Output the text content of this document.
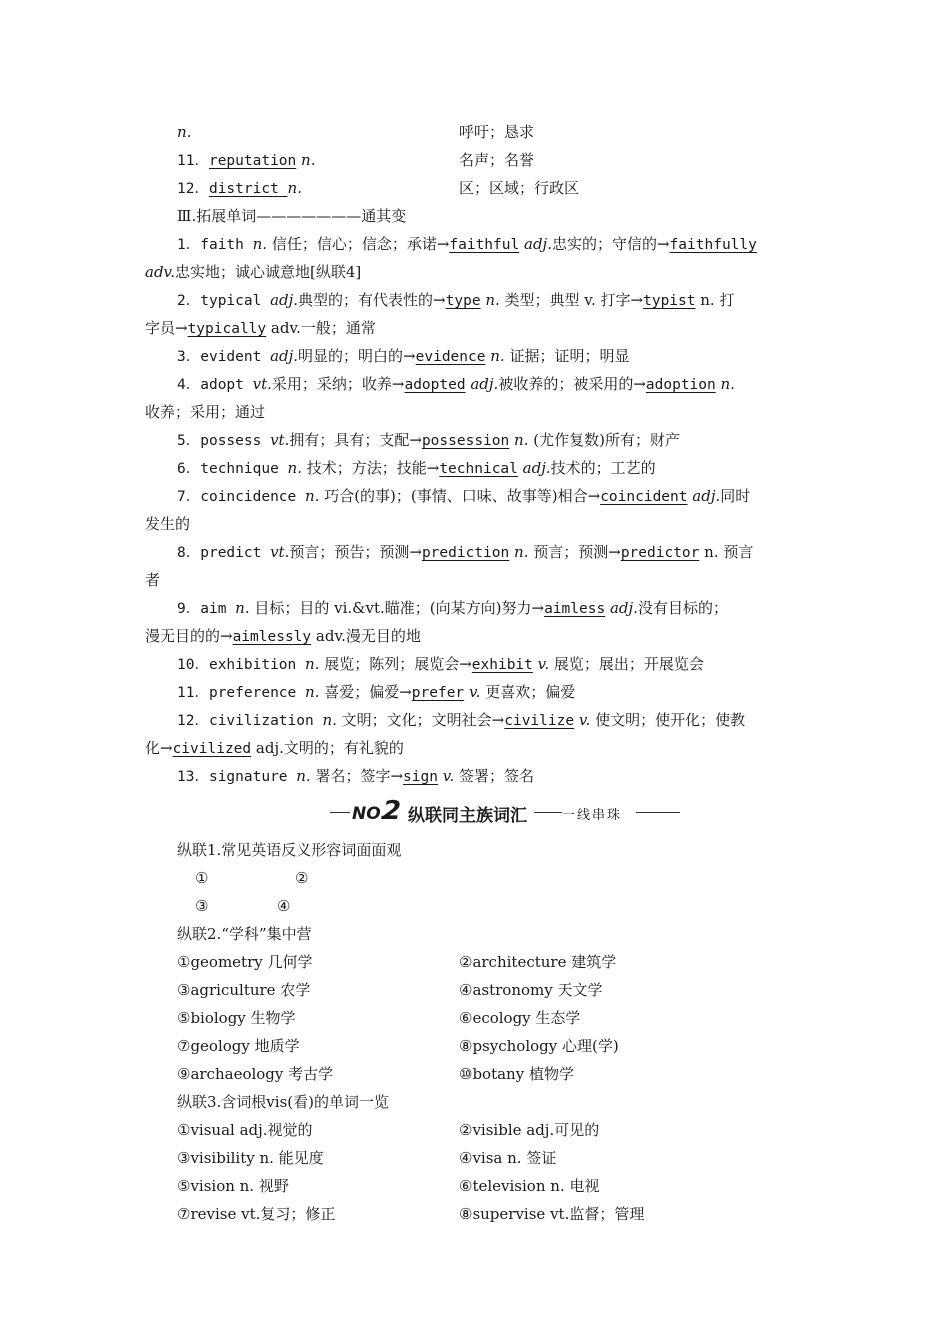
n.	呼吁；恳求
11．reputation n.	名声；名誉
12．district n.	区；区域；行政区
Ⅲ.拓展单词———————通其变
1．faith n. 信任；信心；信念；承诺→faithful adj.忠实的；守信的→faithfully
adv.忠实地；诚心诚意地[纵联4]
2．typical adj.典型的；有代表性的→type n. 类型；典型 v. 打字→typist n. 打
字员→typically adv.一般；通常
3．evident adj.明显的；明白的→evidence n. 证据；证明；明显
4．adopt vt.采用；采纳；收养→adopted adj.被收养的；被采用的→adoption n.
收养；采用；通过
5．possess vt.拥有；具有；支配→possession n. (尤作复数)所有；财产
6．technique n. 技术；方法；技能→technical adj.技术的；工艺的
7．coincidence n. 巧合(的事)；(事情、口味、故事等)相合→coincident adj.同时
发生的
8．predict vt.预言；预告；预测→prediction n. 预言；预测→predictor n. 预言
者
9．aim n. 目标；目的 vi.&vt.瞄准；(向某方向)努力→aimless adj.没有目标的；
漫无目的的→aimlessly adv.漫无目的地
10．exhibition n. 展览；陈列；展览会→exhibit v. 展览；展出；开展览会
11．preference n. 喜爱；偏爱→prefer v. 更喜欢；偏爱
12．civilization n. 文明；文化；文明社会→civilize v. 使文明；使开化；使教
化→civilized adj.文明的；有礼貌的
13．signature n. 署名；签字→sign v. 签署；签名
NO.
2 纵联同主族词汇	一线串珠
纵联1.常见英语反义形容词面面观
①	②
③	④
纵联2.“学科”集中营
①geometry 几何学	②architecture 建筑学
③agriculture 农学	④astronomy 天文学
⑤biology 生物学	⑥ecology 生态学
⑦geology 地质学	⑧psychology 心理(学)
⑨archaeology 考古学	⑩botany 植物学
纵联3.含词根vis(看)的单词一览
①visual adj.视觉的	②visible adj.可见的
③visibility n. 能见度	④visa n. 签证
⑤vision n. 视野	⑥television n. 电视
⑦revise vt.复习；修正	⑧supervise vt.监督；管理
